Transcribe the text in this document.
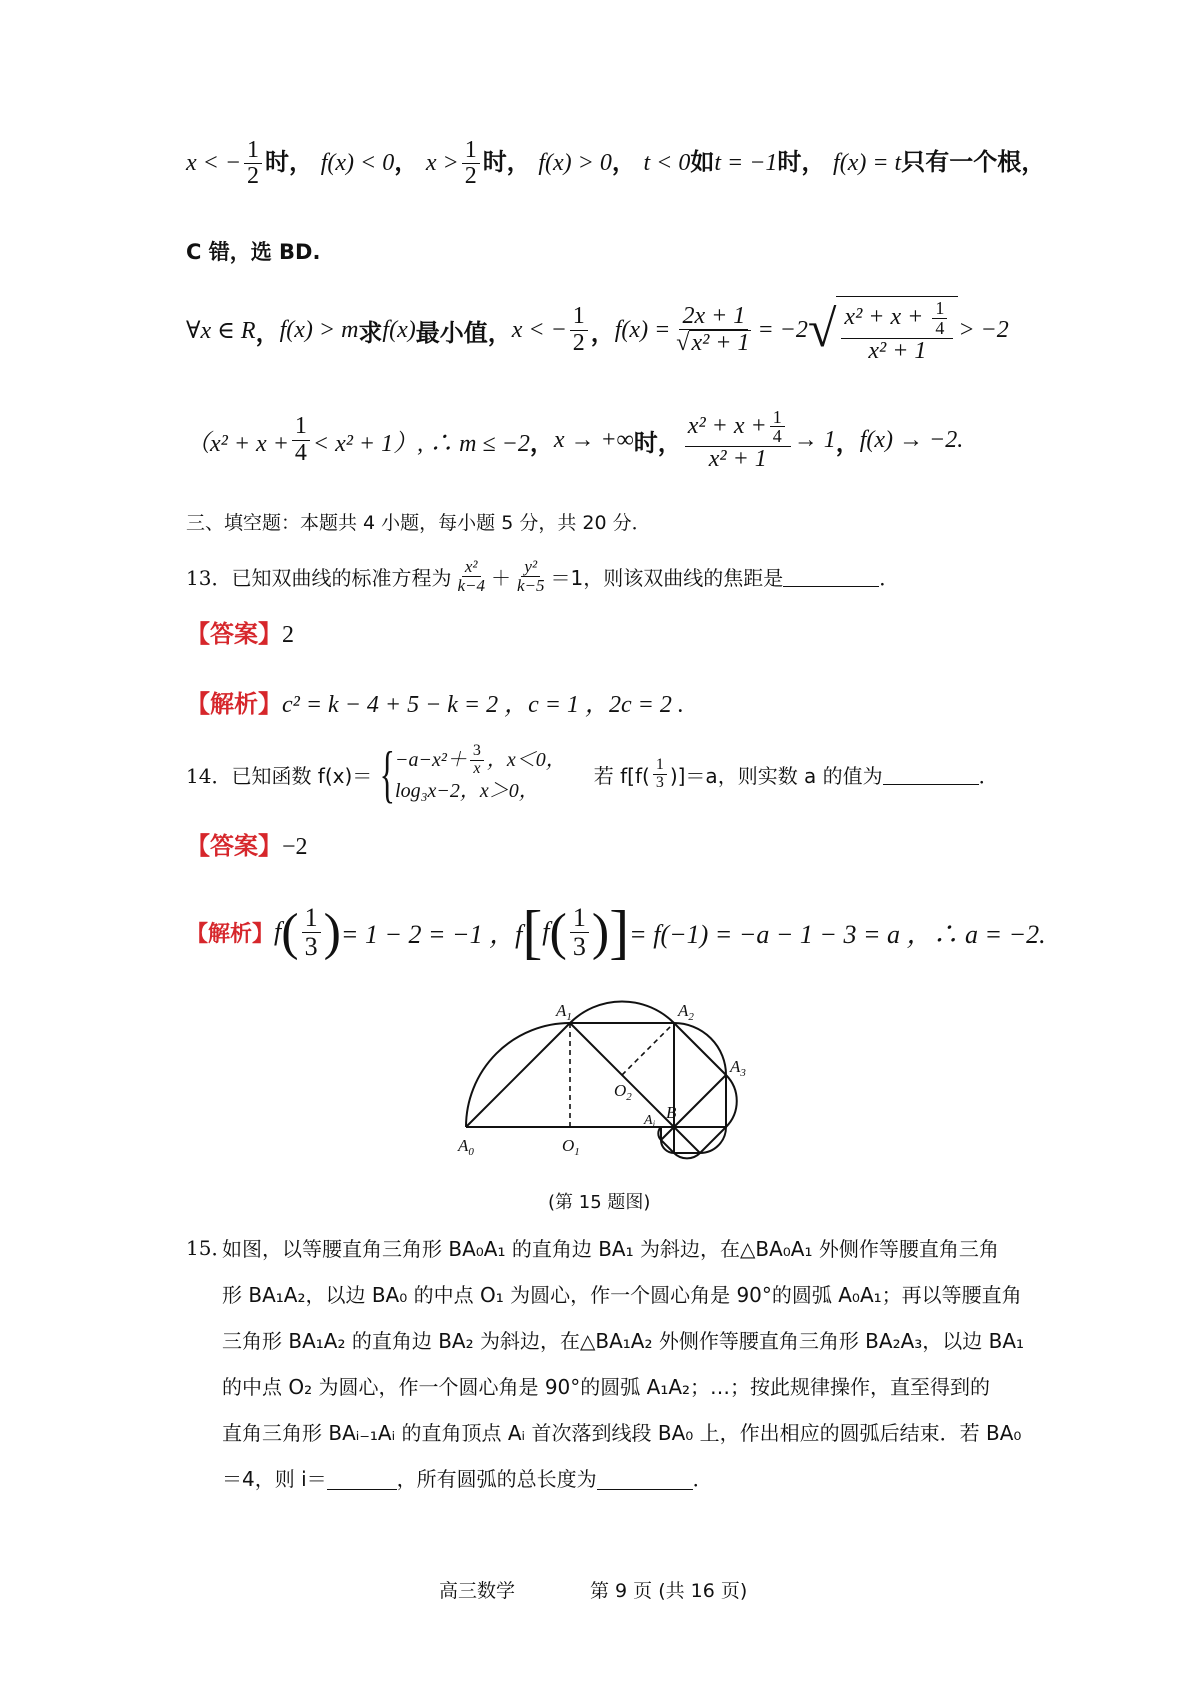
x < − $\frac{1}{2}$ 时， f(x) < 0， $x > \frac{1}{2}$ 时， f(x) > 0， t < 0如t = −1时， f(x) = t只有一个根，
C 错，选 BD.
∀x ∈ R ， f(x) > m 求 f(x) 最小值， x < − $\frac{1}{2}$ ， $f(x) = \frac{2x + 1}{\text{√x² + 1}} = -2$ √ $\frac{x^2 + x + \frac{1}{4}}{\text{x² + 1}} > -2$
$(x^2 + x + \frac{1}{4} < x^2 + 1)$, ∴ m ≤ −2 ， x → +∞ 时， $\frac{x^2 + x + \frac{1}{4}}{\text{x² + 1}} \to 1$ ， f(x) → −2.
三、填空题：本题共 4 小题，每小题 5 分，共 20 分．
13． 已知双曲线的标准方程为 $\frac{\text{x²}}{k-4} + \frac{\text{y²}}{k-5} =1$，则该双曲线的焦距是	．
【答案】2
【解析】c² = k − 4 + 5 − k = 2 ，c = 1 ，2c = 2 .
14． 已知函数 f(x)＝ { $-a-x^2+ \frac{3}{x}$ ，x＜0，
log₃x−2，x＞0，
若 $f[f( \frac{1}{3} )]=a$，则实数 a 的值为	．
【答案】−2
【解析】 f ( $\frac{1}{3}$ ) = 1 − 2 = −1 ，f [ f ( $\frac{1}{3}$ ) ] = f(−1) = −a − 1 − 3 = a ，∴ a = −2.
$A_0$	$O_1$
$A_1$	$A_2$
$A_3$
$O_2$
B
$A_i$
(第 15 题图)
15．
如图，以等腰直角三角形 BA₀A₁ 的直角边 BA₁ 为斜边，在△BA₀A₁ 外侧作等腰直角三角
形 BA₁A₂，以边 BA₀ 的中点 O₁ 为圆心，作一个圆心角是 90°的圆弧 A₀A₁；再以等腰直角
三角形 BA₁A₂ 的直角边 BA₂ 为斜边，在△BA₁A₂ 外侧作等腰直角三角形 BA₂A₃，以边 BA₁
的中点 O₂ 为圆心，作一个圆心角是 90°的圆弧 A₁A₂；…；按此规律操作，直至得到的
直角三角形 BAᵢ₋₁Aᵢ 的直角顶点 Aᵢ 首次落到线段 BA₀ 上，作出相应的圆弧后结束．若 BA₀
＝4，则 i＝	，所有圆弧的总长度为	．
高三数学	第 9 页 (共 16 页)
